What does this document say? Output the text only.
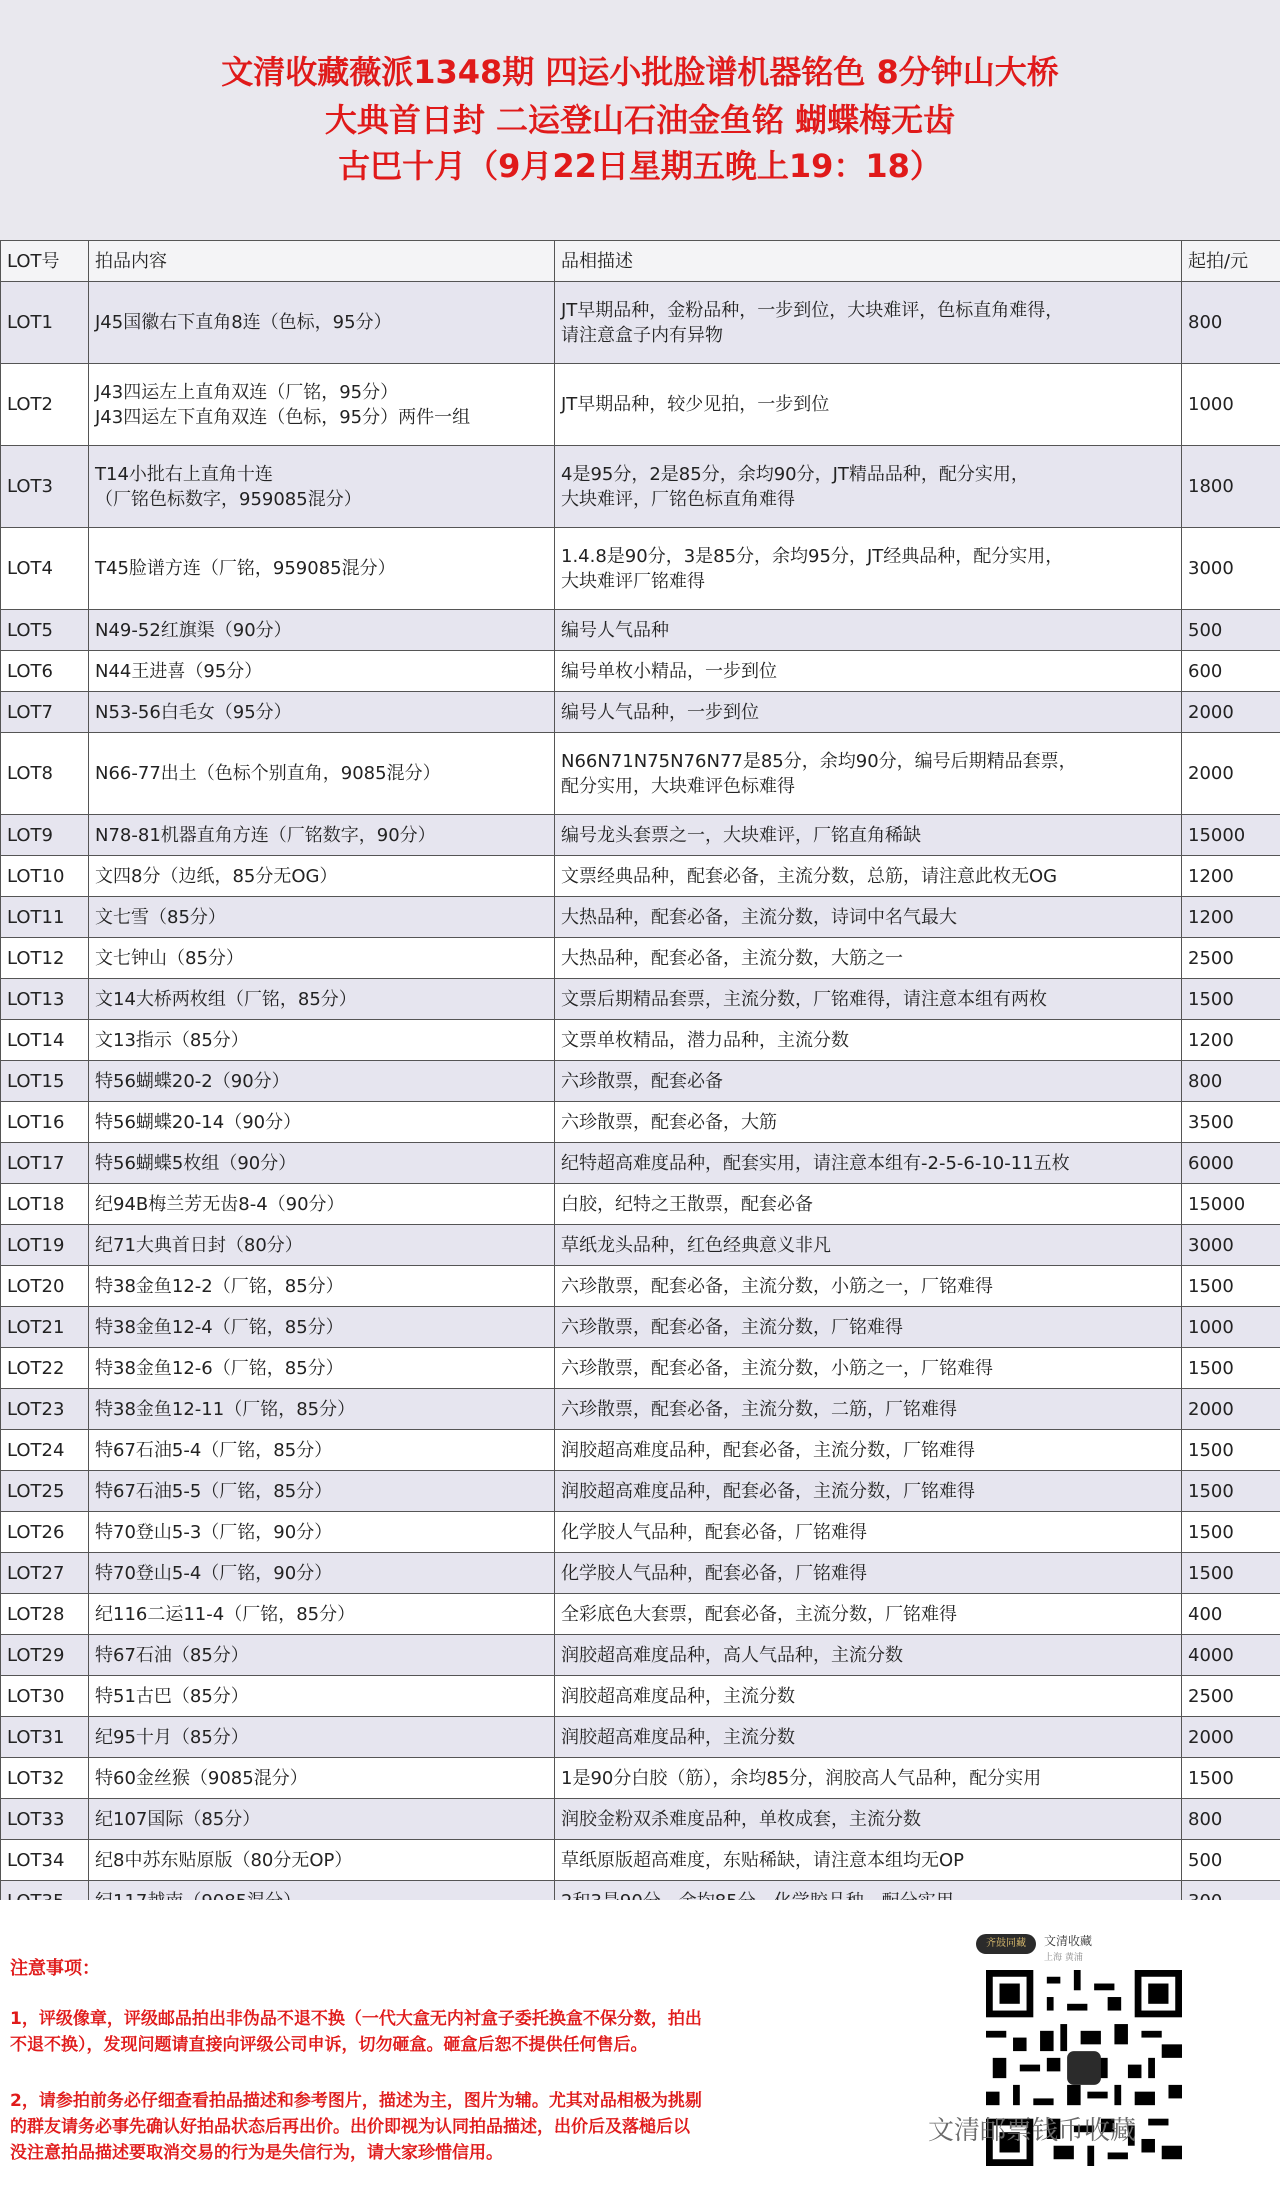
文清收藏薇派1348期 四运小批脸谱机器铭色 8分钟山大桥
大典首日封 二运登山石油金鱼铭 蝴蝶梅无齿
古巴十月（9月22日星期五晚上19：18）
LOT号	拍品内容	品相描述	起拍/元
LOT1	J45国徽右下直角8连（色标，95分）	JT早期品种，金粉品种，一步到位，大块难评，色标直角难得，
请注意盒子内有异物	800
LOT2	J43四运左上直角双连（厂铭，95分）
J43四运左下直角双连（色标，95分）两件一组	JT早期品种，较少见拍，一步到位	1000
LOT3	T14小批右上直角十连
（厂铭色标数字，959085混分）	4是95分，2是85分，余均90分，JT精品品种，配分实用，
大块难评，厂铭色标直角难得	1800
LOT4	T45脸谱方连（厂铭，959085混分）	1.4.8是90分，3是85分，余均95分，JT经典品种，配分实用，
大块难评厂铭难得	3000
LOT5	N49-52红旗渠（90分）	编号人气品种	500
LOT6	N44王进喜（95分）	编号单枚小精品，一步到位	600
LOT7	N53-56白毛女（95分）	编号人气品种，一步到位	2000
LOT8	N66-77出土（色标个别直角，9085混分）	N66N71N75N76N77是85分，余均90分，编号后期精品套票，
配分实用，大块难评色标难得	2000
LOT9	N78-81机器直角方连（厂铭数字，90分）	编号龙头套票之一，大块难评，厂铭直角稀缺	15000
LOT10	文四8分（边纸，85分无OG）	文票经典品种，配套必备，主流分数，总筋，请注意此枚无OG	1200
LOT11	文七雪（85分）	大热品种，配套必备，主流分数，诗词中名气最大	1200
LOT12	文七钟山（85分）	大热品种，配套必备，主流分数，大筋之一	2500
LOT13	文14大桥两枚组（厂铭，85分）	文票后期精品套票，主流分数，厂铭难得，请注意本组有两枚	1500
LOT14	文13指示（85分）	文票单枚精品，潜力品种，主流分数	1200
LOT15	特56蝴蝶20-2（90分）	六珍散票，配套必备	800
LOT16	特56蝴蝶20-14（90分）	六珍散票，配套必备，大筋	3500
LOT17	特56蝴蝶5枚组（90分）	纪特超高难度品种，配套实用，请注意本组有-2-5-6-10-11五枚	6000
LOT18	纪94B梅兰芳无齿8-4（90分）	白胶，纪特之王散票，配套必备	15000
LOT19	纪71大典首日封（80分）	草纸龙头品种，红色经典意义非凡	3000
LOT20	特38金鱼12-2（厂铭，85分）	六珍散票，配套必备，主流分数，小筋之一，厂铭难得	1500
LOT21	特38金鱼12-4（厂铭，85分）	六珍散票，配套必备，主流分数，厂铭难得	1000
LOT22	特38金鱼12-6（厂铭，85分）	六珍散票，配套必备，主流分数，小筋之一，厂铭难得	1500
LOT23	特38金鱼12-11（厂铭，85分）	六珍散票，配套必备，主流分数，二筋，厂铭难得	2000
LOT24	特67石油5-4（厂铭，85分）	润胶超高难度品种，配套必备，主流分数，厂铭难得	1500
LOT25	特67石油5-5（厂铭，85分）	润胶超高难度品种，配套必备，主流分数，厂铭难得	1500
LOT26	特70登山5-3（厂铭，90分）	化学胶人气品种，配套必备，厂铭难得	1500
LOT27	特70登山5-4（厂铭，90分）	化学胶人气品种，配套必备，厂铭难得	1500
LOT28	纪116二运11-4（厂铭，85分）	全彩底色大套票，配套必备，主流分数，厂铭难得	400
LOT29	特67石油（85分）	润胶超高难度品种，高人气品种，主流分数	4000
LOT30	特51古巴（85分）	润胶超高难度品种，主流分数	2500
LOT31	纪95十月（85分）	润胶超高难度品种，主流分数	2000
LOT32	特60金丝猴（9085混分）	1是90分白胶（筋），余均85分，润胶高人气品种，配分实用	1500
LOT33	纪107国际（85分）	润胶金粉双杀难度品种，单枚成套，主流分数	800
LOT34	纪8中苏东贴原版（80分无OP）	草纸原版超高难度，东贴稀缺，请注意本组均无OP	500

注意事项：
1，评级像章，评级邮品拍出非伪品不退不换（一代大盒无内衬盒子委托换盒不保分数，拍出
不退不换），发现问题请直接向评级公司申诉，切勿砸盒。砸盒后恕不提供任何售后。
2，请参拍前务必仔细查看拍品描述和参考图片，描述为主，图片为辅。尤其对品相极为挑剔
的群友请务必事先确认好拍品状态后再出价。出价即视为认同拍品描述，出价后及落槌后以
没注意拍品描述要取消交易的行为是失信行为，请大家珍惜信用。
齐鼓同藏	文清收藏
上海 黄浦
文清邮票钱币收藏
